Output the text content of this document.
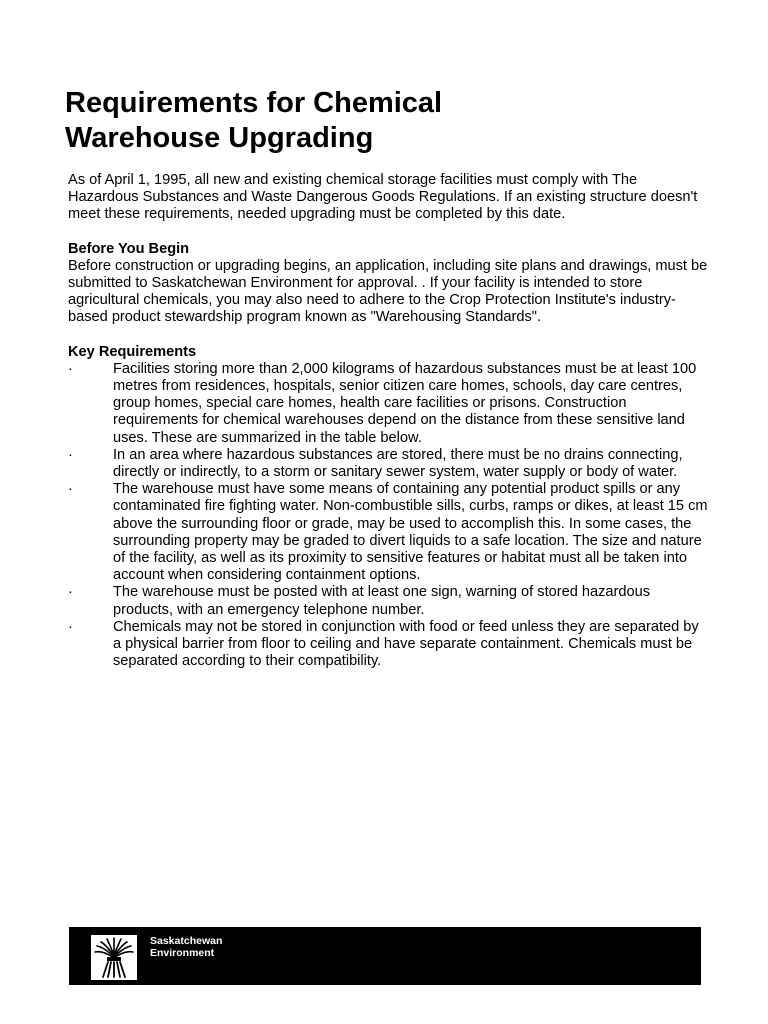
Requirements for Chemical
Warehouse Upgrading

As of April 1, 1995, all new and existing chemical storage facilities must comply with The Hazardous Substances and Waste Dangerous Goods Regulations. If an existing structure doesn't meet these requirements, needed upgrading must be completed by this date.

Before You Begin

Before construction or upgrading begins, an application, including site plans and drawings, must be submitted to Saskatchewan Environment for approval. . If your facility is intended to store agricultural chemicals, you may also need to adhere to the Crop Protection Institute's industry-based product stewardship program known as "Warehousing Standards".

Key Requirements

·	Facilities storing more than 2,000 kilograms of hazardous substances must be at least 100 metres from residences, hospitals, senior citizen care homes, schools, day care centres, group homes, special care homes, health care facilities or prisons. Construction requirements for chemical warehouses depend on the distance from these sensitive land uses. These are summarized in the table below.
·	In an area where hazardous substances are stored, there must be no drains connecting, directly or indirectly, to a storm or sanitary sewer system, water supply or body of water.
·	The warehouse must have some means of containing any potential product spills or any contaminated fire fighting water. Non-combustible sills, curbs, ramps or dikes, at least 15 cm above the surrounding floor or grade, may be used to accomplish this. In some cases, the surrounding property may be graded to divert liquids to a safe location. The size and nature of the facility, as well as its proximity to sensitive features or habitat must all be taken into account when considering containment options.
·	The warehouse must be posted with at least one sign, warning of stored hazardous products, with an emergency telephone number.
·	Chemicals may not be stored in conjunction with food or feed unless they are separated by a physical barrier from floor to ceiling and have separate containment. Chemicals must be separated according to their compatibility.
Saskatchewan
Environment
